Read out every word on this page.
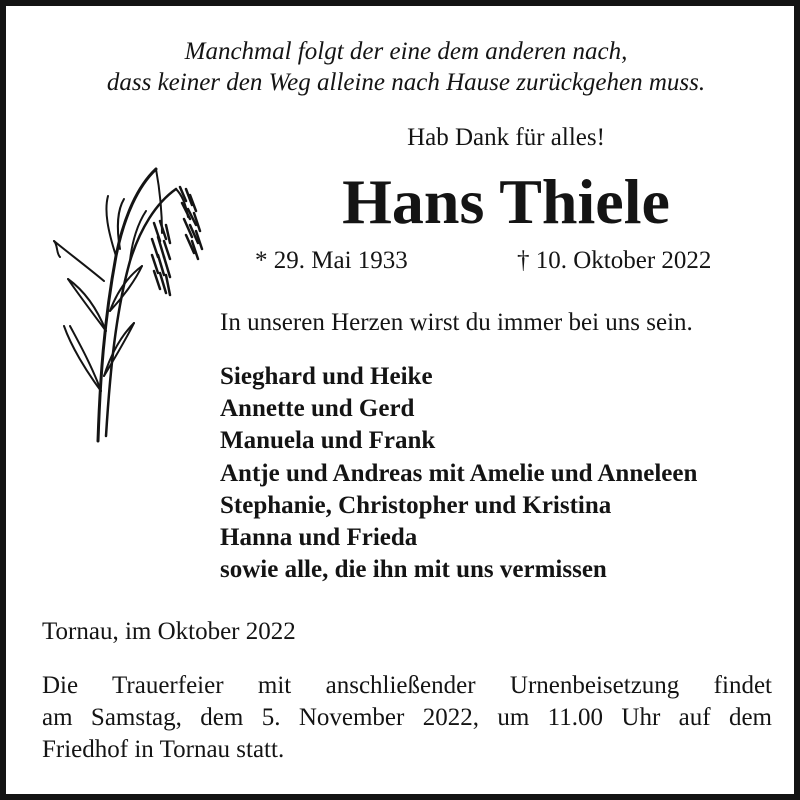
Manchmal folgt der eine dem anderen nach,
dass keiner den Weg alleine nach Hause zurückgehen muss.
Hab Dank für alles!
Hans Thiele
* 29. Mai 1933	† 10. Oktober 2022
In unseren Herzen wirst du immer bei uns sein.
Sieghard und Heike
Annette und Gerd
Manuela und Frank
Antje und Andreas mit Amelie und Anneleen
Stephanie, Christopher und Kristina
Hanna und Frieda
sowie alle, die ihn mit uns vermissen
Tornau, im Oktober 2022
Die Trauerfeier mit anschließender Urnenbeisetzung findet
am Samstag, dem 5. November 2022, um 11.00 Uhr auf dem
Friedhof in Tornau statt.
